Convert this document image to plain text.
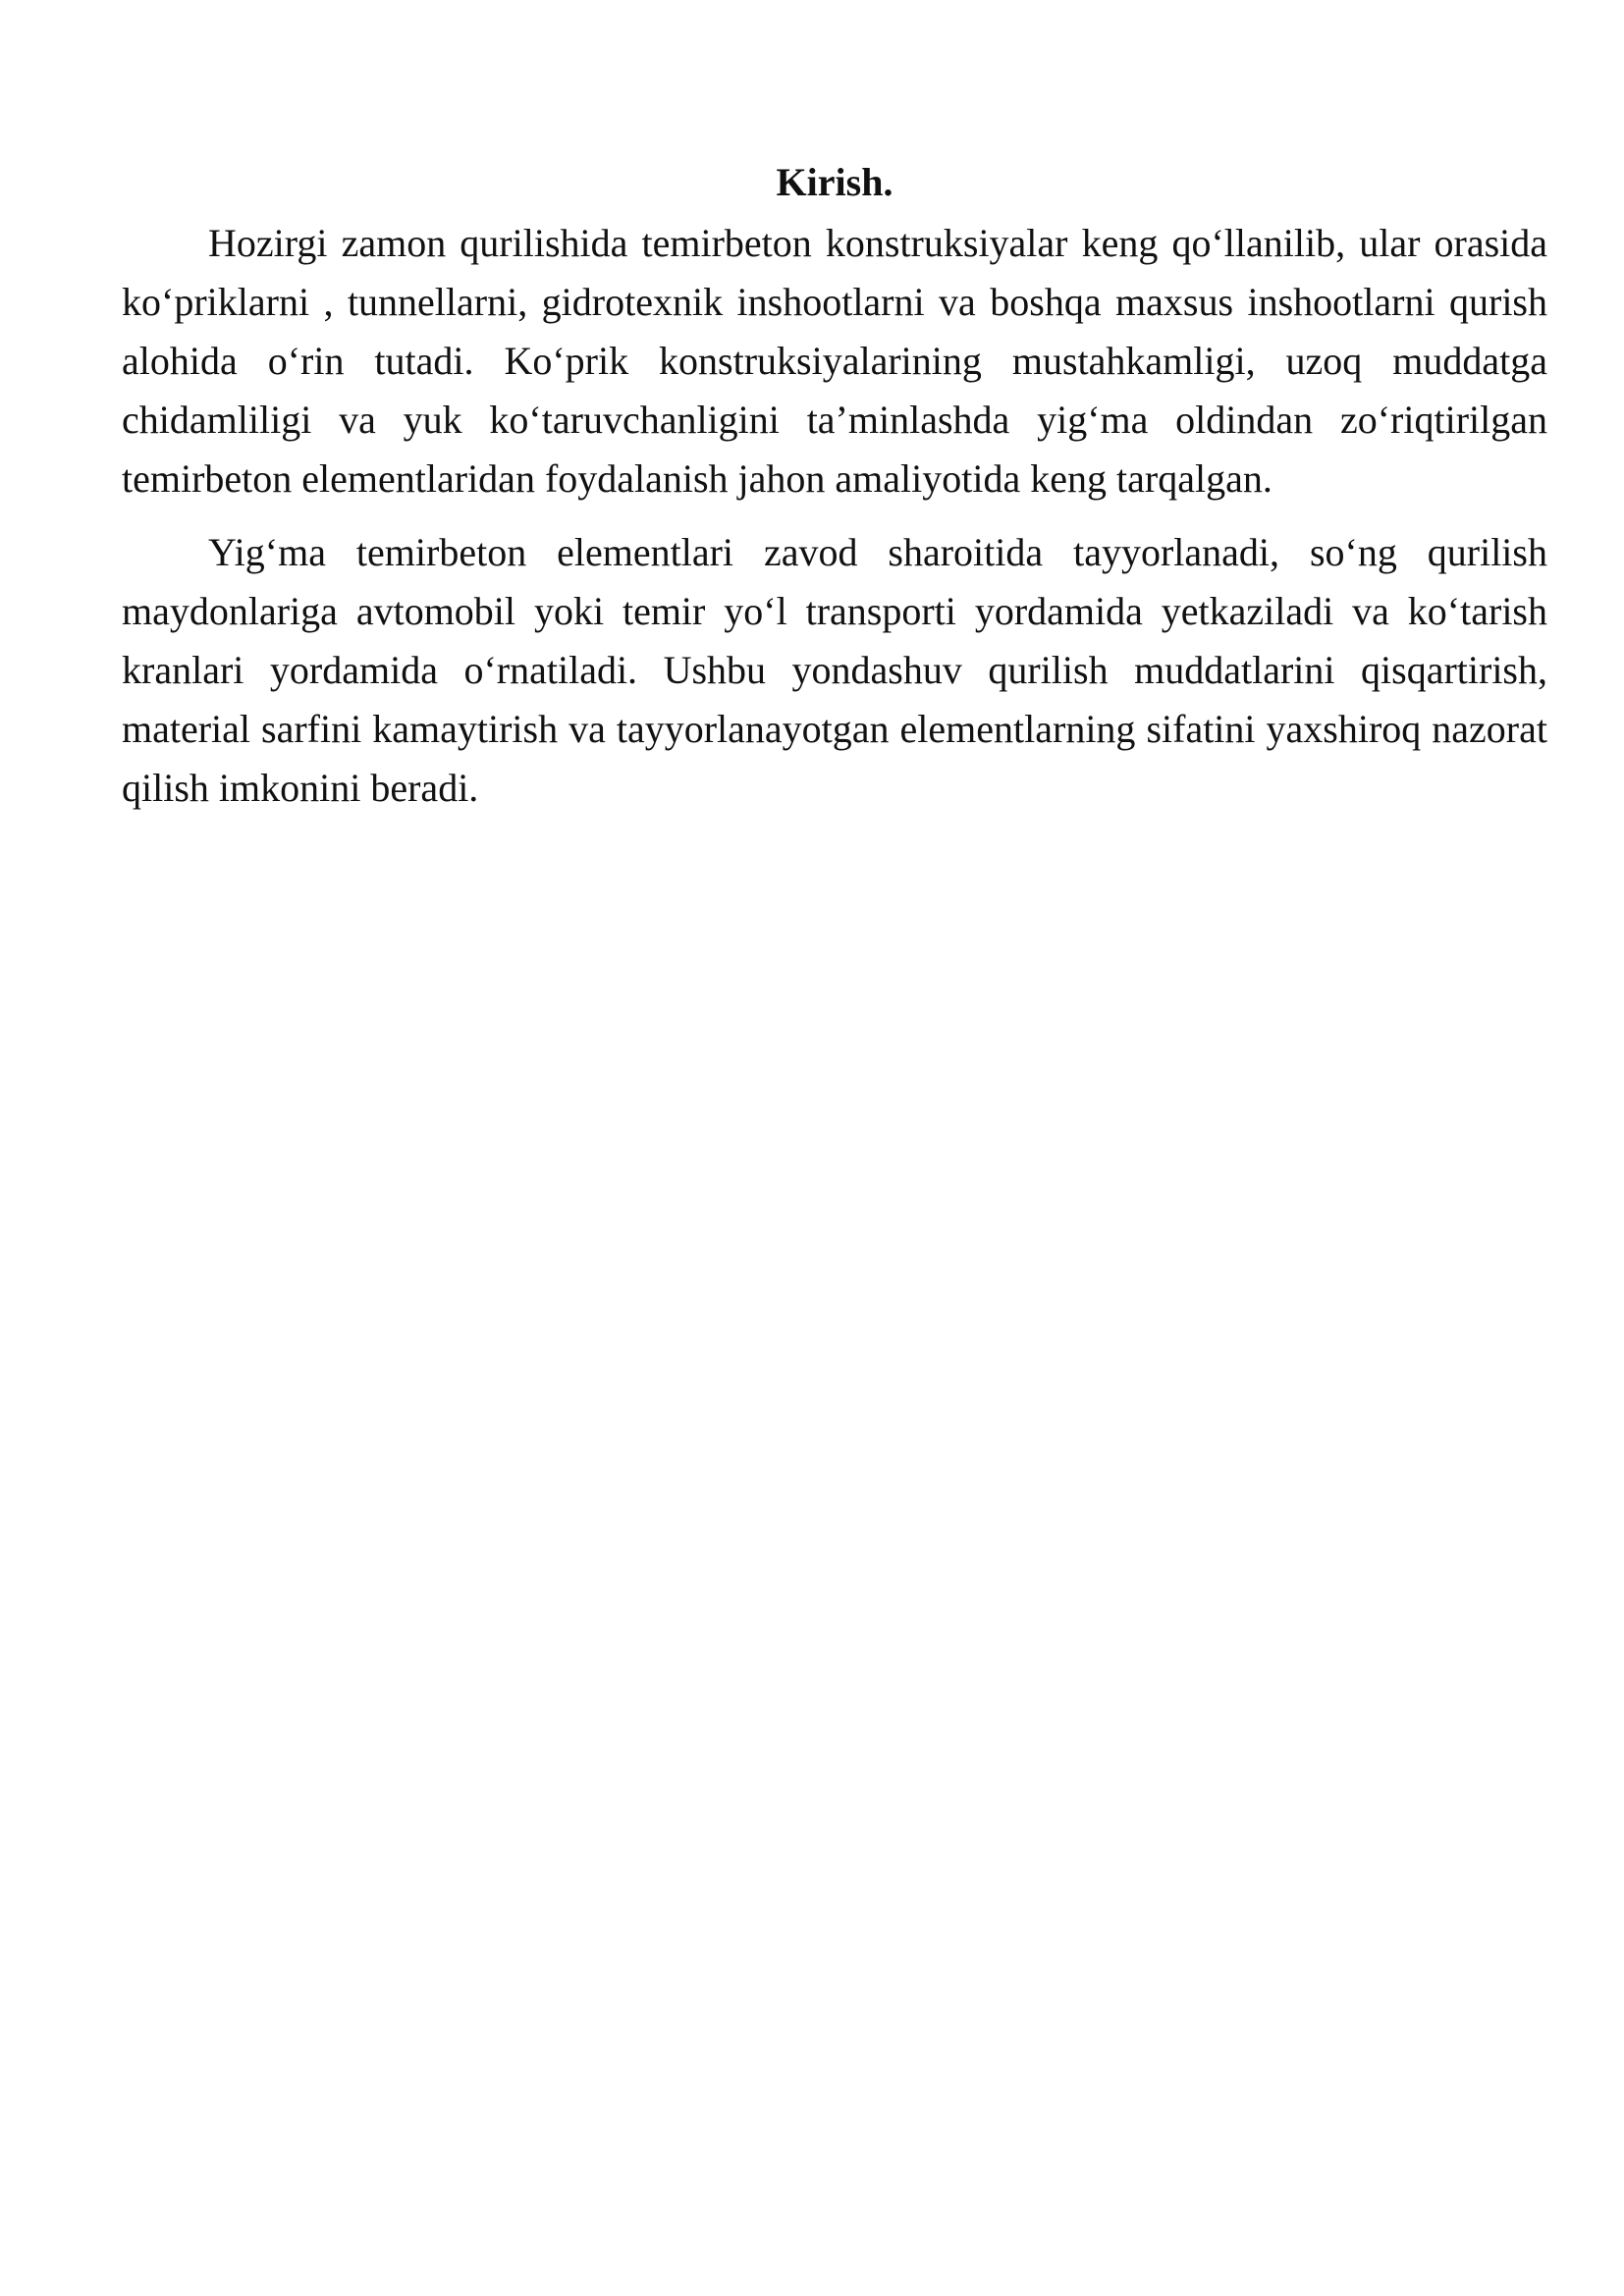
Kirish.

Hozirgi zamon qurilishida temirbeton konstruksiyalar keng qo‘llanilib, ular orasida ko‘priklarni , tunnellarni, gidrotexnik inshootlarni va boshqa maxsus inshootlarni qurish alohida o‘rin tutadi. Ko‘prik konstruksiyalarining mustahkamligi, uzoq muddatga chidamliligi va yuk ko‘taruvchanligini ta’minlashda yig‘ma oldindan zo‘riqtirilgan temirbeton elementlaridan foydalanish jahon amaliyotida keng tarqalgan.

Yig‘ma temirbeton elementlari zavod sharoitida tayyorlanadi, so‘ng qurilish maydonlariga avtomobil yoki temir yo‘l transporti yordamida yetkaziladi va ko‘tarish kranlari yordamida o‘rnatiladi. Ushbu yondashuv qurilish muddatlarini qisqartirish, material sarfini kamaytirish va tayyorlanayotgan elementlarning sifatini yaxshiroq nazorat qilish imkonini beradi.
